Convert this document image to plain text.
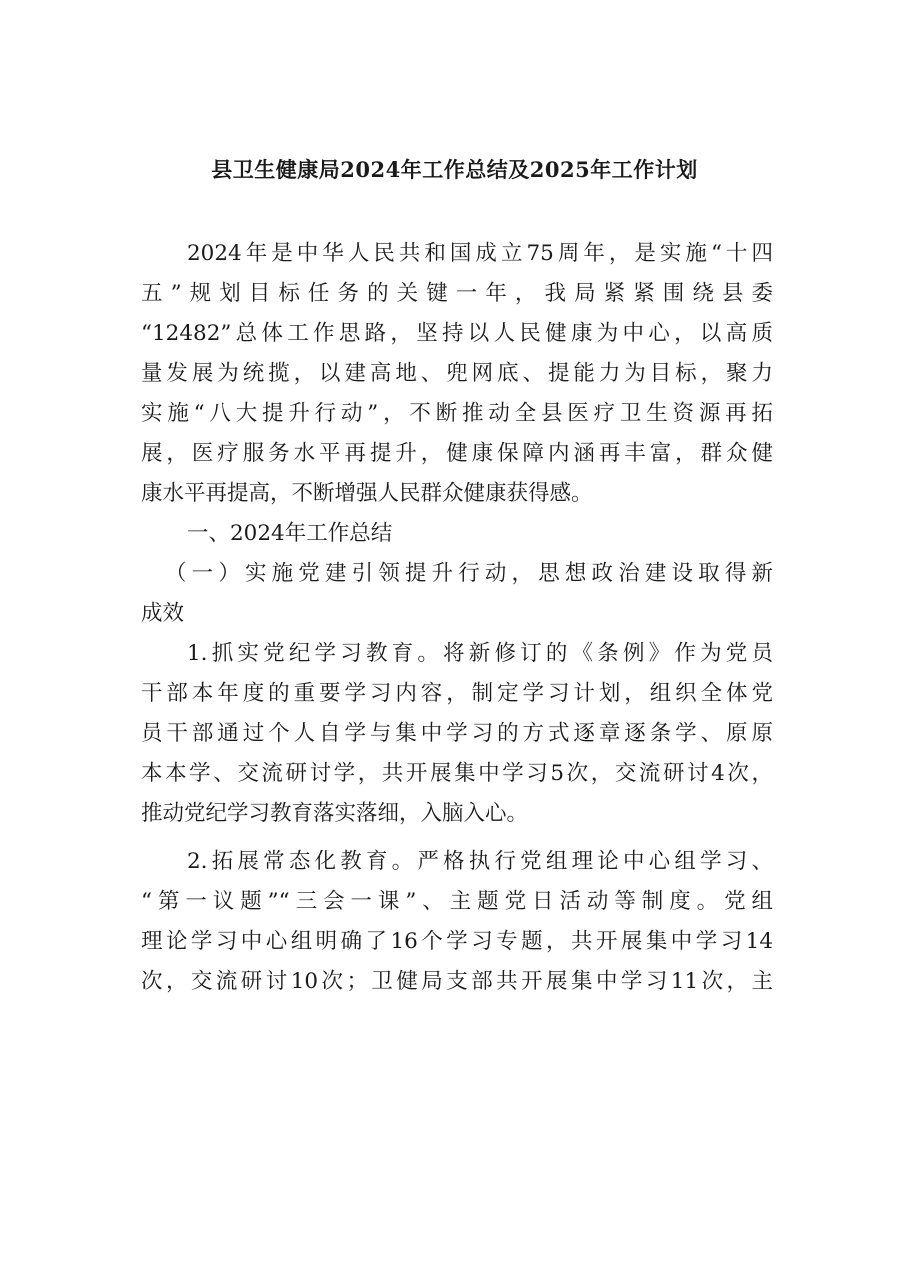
县卫生健康局2024年工作总结及2025年工作计划
2024年是中华人民共和国成立75周年，是实施“十四
五”规划目标任务的关键一年，我局紧紧围绕县委
“12482”总体工作思路，坚持以人民健康为中心，以高质
量发展为统揽，以建高地、兜网底、提能力为目标，聚力
实施“八大提升行动”，不断推动全县医疗卫生资源再拓
展，医疗服务水平再提升，健康保障内涵再丰富，群众健
康水平再提高，不断增强人民群众健康获得感。
一、2024年工作总结
（一）实施党建引领提升行动，思想政治建设取得新
成效
1.抓实党纪学习教育。将新修订的《条例》作为党员
干部本年度的重要学习内容，制定学习计划，组织全体党
员干部通过个人自学与集中学习的方式逐章逐条学、原原
本本学、交流研讨学，共开展集中学习5次，交流研讨4次，
推动党纪学习教育落实落细，入脑入心。
2.拓展常态化教育。严格执行党组理论中心组学习、
“第一议题”“三会一课”、主题党日活动等制度。党组
理论学习中心组明确了16个学习专题，共开展集中学习14
次，交流研讨10次；卫健局支部共开展集中学习11次，主
